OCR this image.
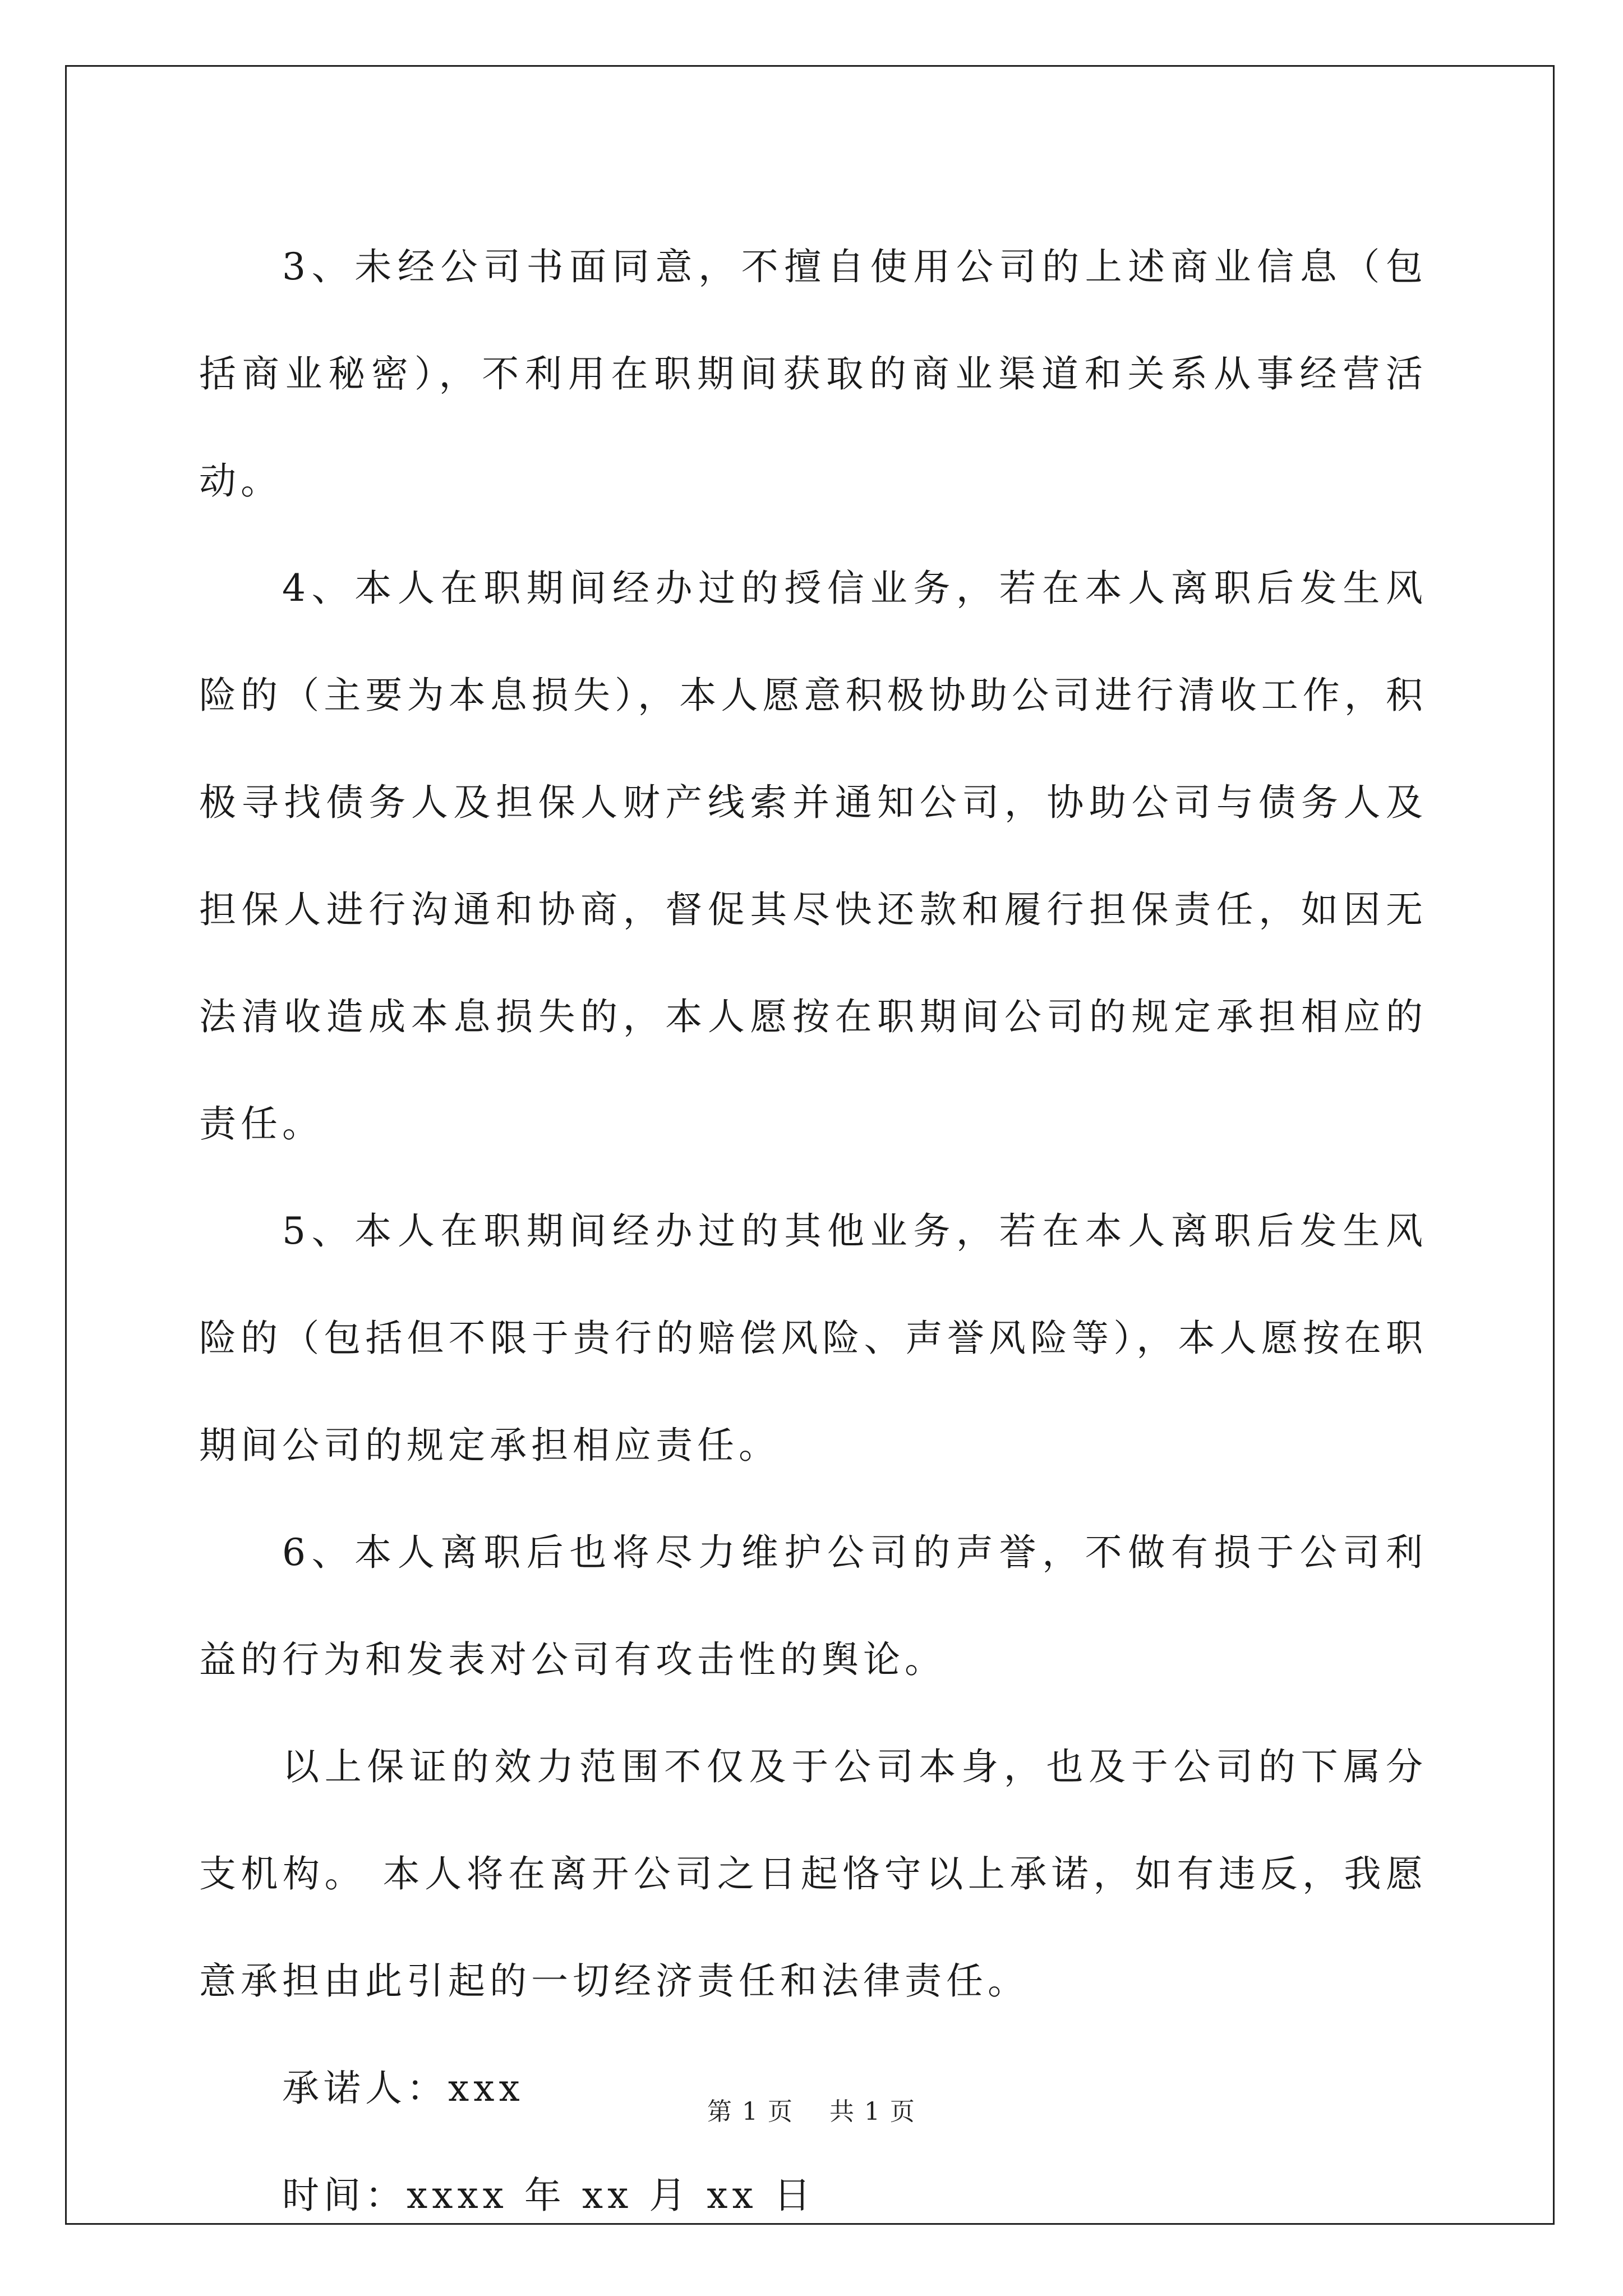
3、未经公司书面同意，不擅自使用公司的上述商业信息（包括商业秘密），不利用在职期间获取的商业渠道和关系从事经营活动。

4、本人在职期间经办过的授信业务，若在本人离职后发生风险的（主要为本息损失），本人愿意积极协助公司进行清收工作，积极寻找债务人及担保人财产线索并通知公司，协助公司与债务人及担保人进行沟通和协商，督促其尽快还款和履行担保责任，如因无法清收造成本息损失的，本人愿按在职期间公司的规定承担相应的责任。

5、本人在职期间经办过的其他业务，若在本人离职后发生风险的（包括但不限于贵行的赔偿风险、声誉风险等），本人愿按在职期间公司的规定承担相应责任。

6、本人离职后也将尽力维护公司的声誉，不做有损于公司利益的行为和发表对公司有攻击性的舆论。

以上保证的效力范围不仅及于公司本身，也及于公司的下属分支机构。 本人将在离开公司之日起恪守以上承诺，如有违反，我愿意承担由此引起的一切经济责任和法律责任。

承诺人：xxx

时间：xxxx 年 xx 月 xx 日

第 1 页 共 1 页
